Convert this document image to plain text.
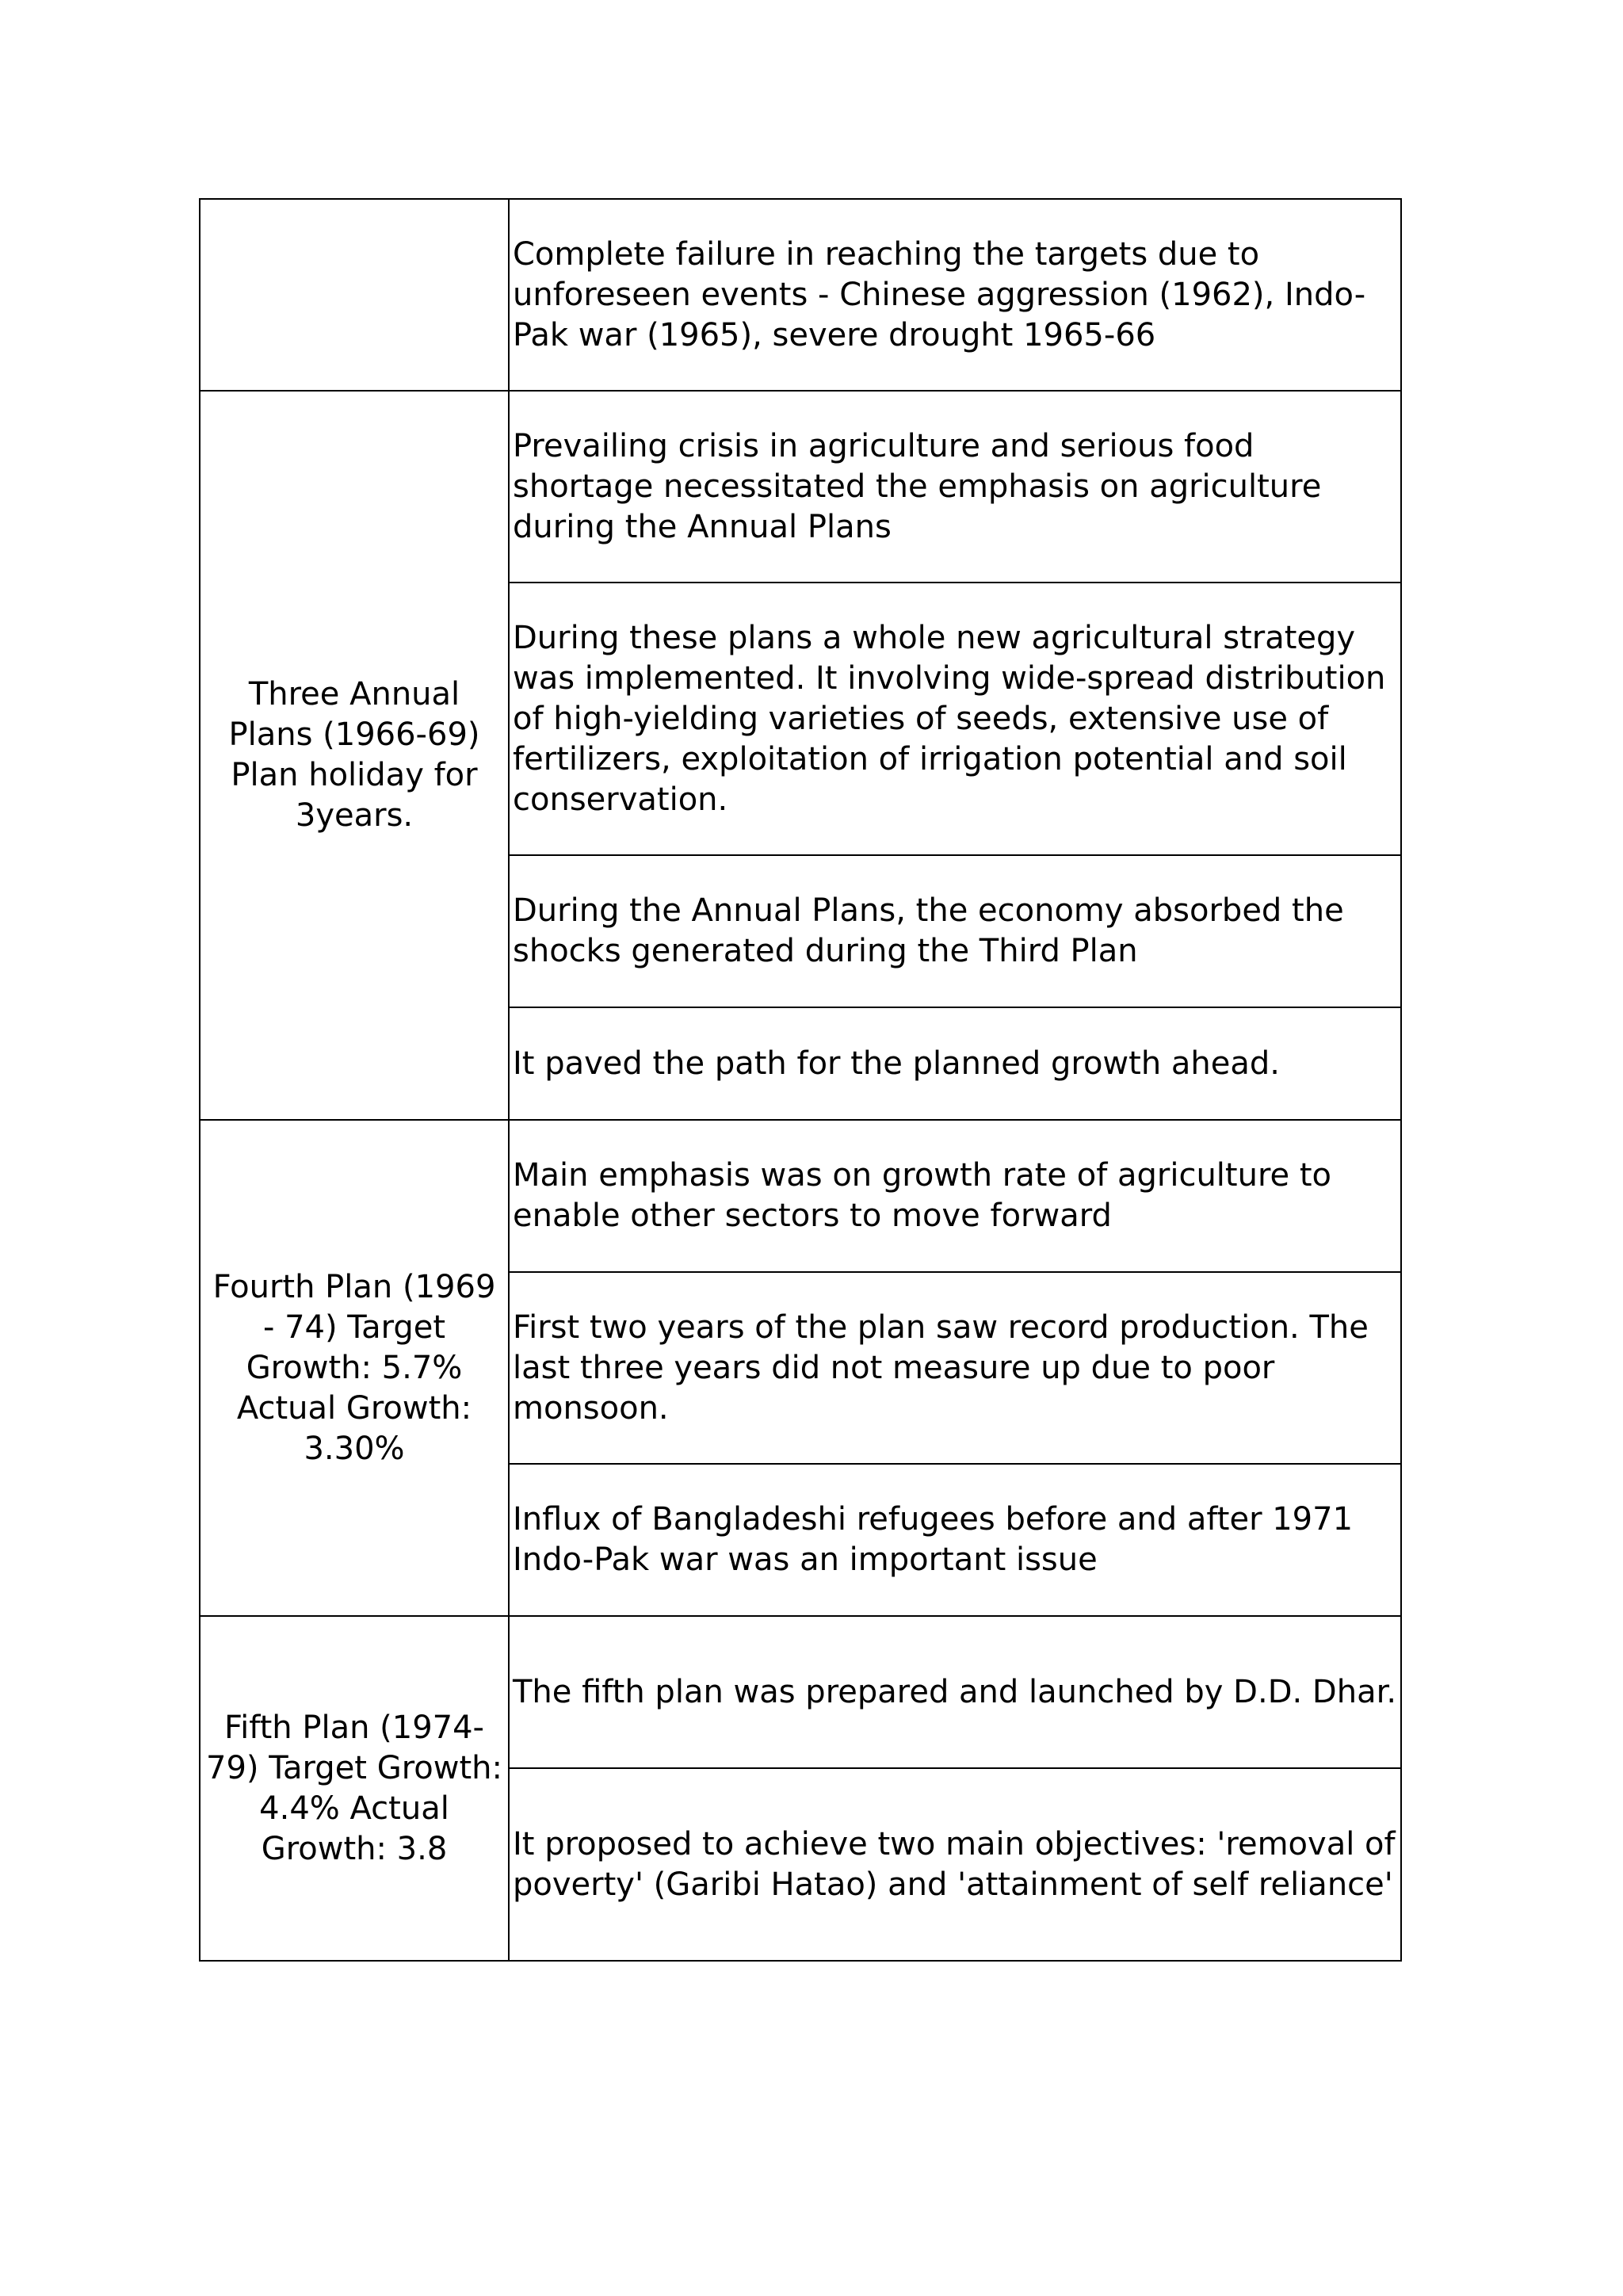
	Complete failure in reaching the targets due to unforeseen events - Chinese aggression (1962), Indo-Pak war (1965), severe drought 1965-66
Three Annual Plans (1966-69) Plan holiday for 3years.	Prevailing crisis in agriculture and serious food shortage necessitated the emphasis on agriculture during the Annual Plans
	During these plans a whole new agricultural strategy was implemented. It involving wide-spread distribution of high-yielding varieties of seeds, extensive use of fertilizers, exploitation of irrigation potential and soil conservation.
	During the Annual Plans, the economy absorbed the shocks generated during the Third Plan
	It paved the path for the planned growth ahead.
Fourth Plan (1969 - 74) Target Growth: 5.7% Actual Growth: 3.30%	Main emphasis was on growth rate of agriculture to enable other sectors to move forward
	First two years of the plan saw record production. The last three years did not measure up due to poor monsoon.
	Influx of Bangladeshi refugees before and after 1971 Indo-Pak war was an important issue
Fifth Plan (1974-79) Target Growth: 4.4% Actual Growth: 3.8	The fifth plan was prepared and launched by D.D. Dhar.
	It proposed to achieve two main objectives: 'removal of poverty' (Garibi Hatao) and 'attainment of self reliance'
